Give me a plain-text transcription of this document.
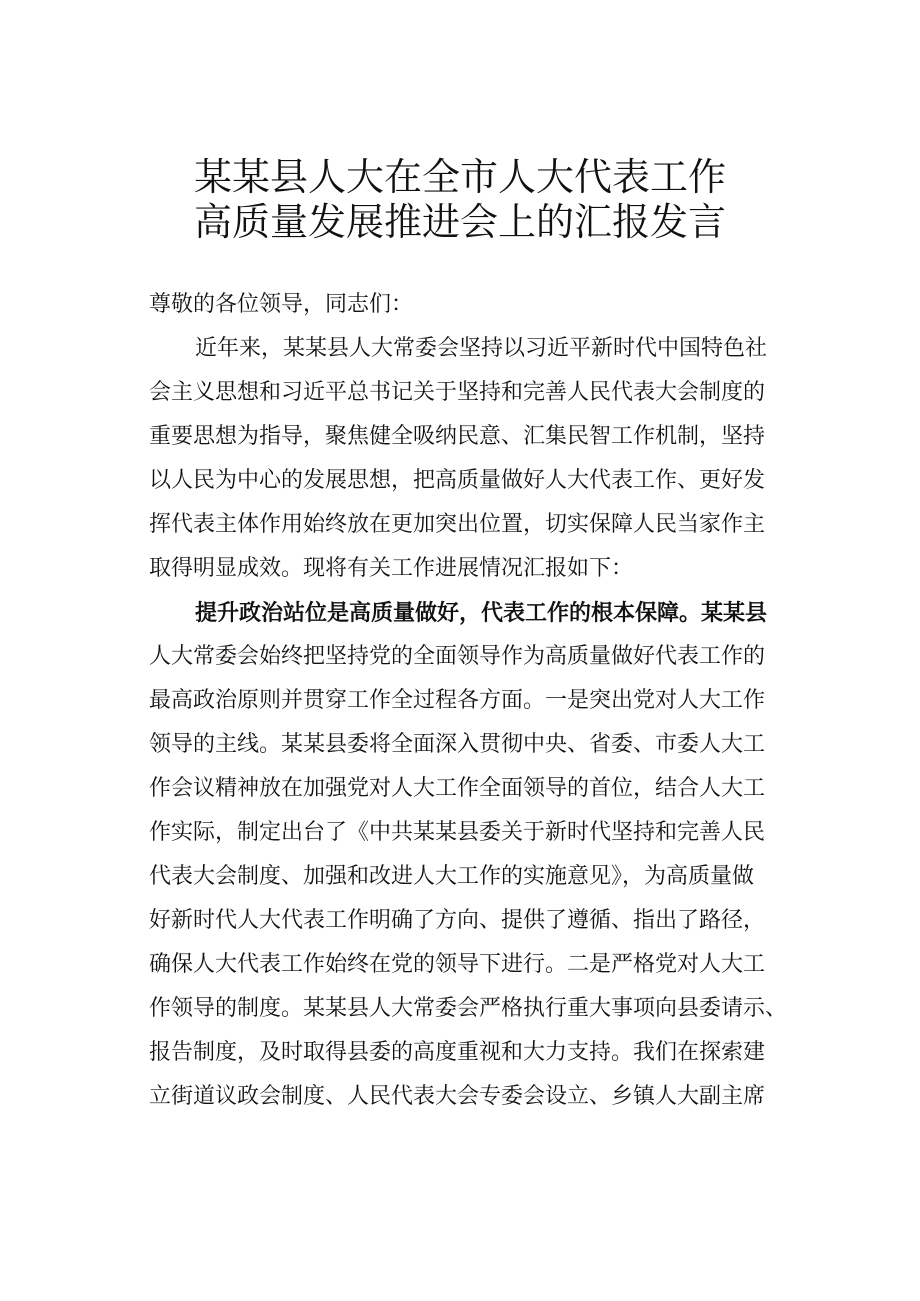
某某县人大在全市人大代表工作
高质量发展推进会上的汇报发言
尊敬的各位领导，同志们：
近年来，某某县人大常委会坚持以习近平新时代中国特色社
会主义思想和习近平总书记关于坚持和完善人民代表大会制度的
重要思想为指导，聚焦健全吸纳民意、汇集民智工作机制，坚持
以人民为中心的发展思想，把高质量做好人大代表工作、更好发
挥代表主体作用始终放在更加突出位置，切实保障人民当家作主
取得明显成效。现将有关工作进展情况汇报如下：
提升政治站位是高质量做好，代表工作的根本保障。某某县
人大常委会始终把坚持党的全面领导作为高质量做好代表工作的
最高政治原则并贯穿工作全过程各方面。一是突出党对人大工作
领导的主线。某某县委将全面深入贯彻中央、省委、市委人大工
作会议精神放在加强党对人大工作全面领导的首位，结合人大工
作实际，制定出台了《中共某某县委关于新时代坚持和完善人民
代表大会制度、加强和改进人大工作的实施意见》，为高质量做
好新时代人大代表工作明确了方向、提供了遵循、指出了路径，
确保人大代表工作始终在党的领导下进行。二是严格党对人大工
作领导的制度。某某县人大常委会严格执行重大事项向县委请示、
报告制度，及时取得县委的高度重视和大力支持。我们在探索建
立街道议政会制度、人民代表大会专委会设立、乡镇人大副主席
